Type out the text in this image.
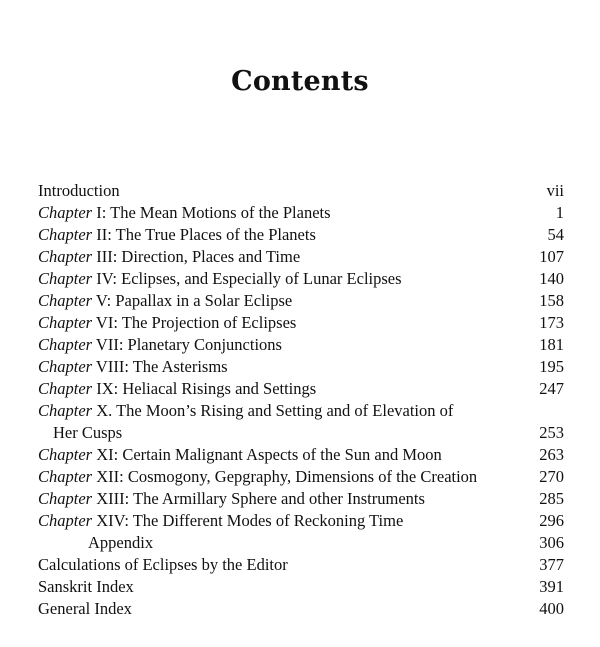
Contents
Introduction	vii
Chapter I: The Mean Motions of the Planets	1
Chapter II: The True Places of the Planets	54
Chapter III: Direction, Places and Time	107
Chapter IV: Eclipses, and Especially of Lunar Eclipses	140
Chapter V: Papallax in a Solar Eclipse	158
Chapter VI: The Projection of Eclipses	173
Chapter VII: Planetary Conjunctions	181
Chapter VIII: The Asterisms	195
Chapter IX: Heliacal Risings and Settings	247
Chapter X. The Moon’s Rising and Setting and of Elevation of
Her Cusps	253
Chapter XI: Certain Malignant Aspects of the Sun and Moon	263
Chapter XII: Cosmogony, Gepgraphy, Dimensions of the Creation	270
Chapter XIII: The Armillary Sphere and other Instruments	285
Chapter XIV: The Different Modes of Reckoning Time	296
Appendix	306
Calculations of Eclipses by the Editor	377
Sanskrit Index	391
General Index	400
